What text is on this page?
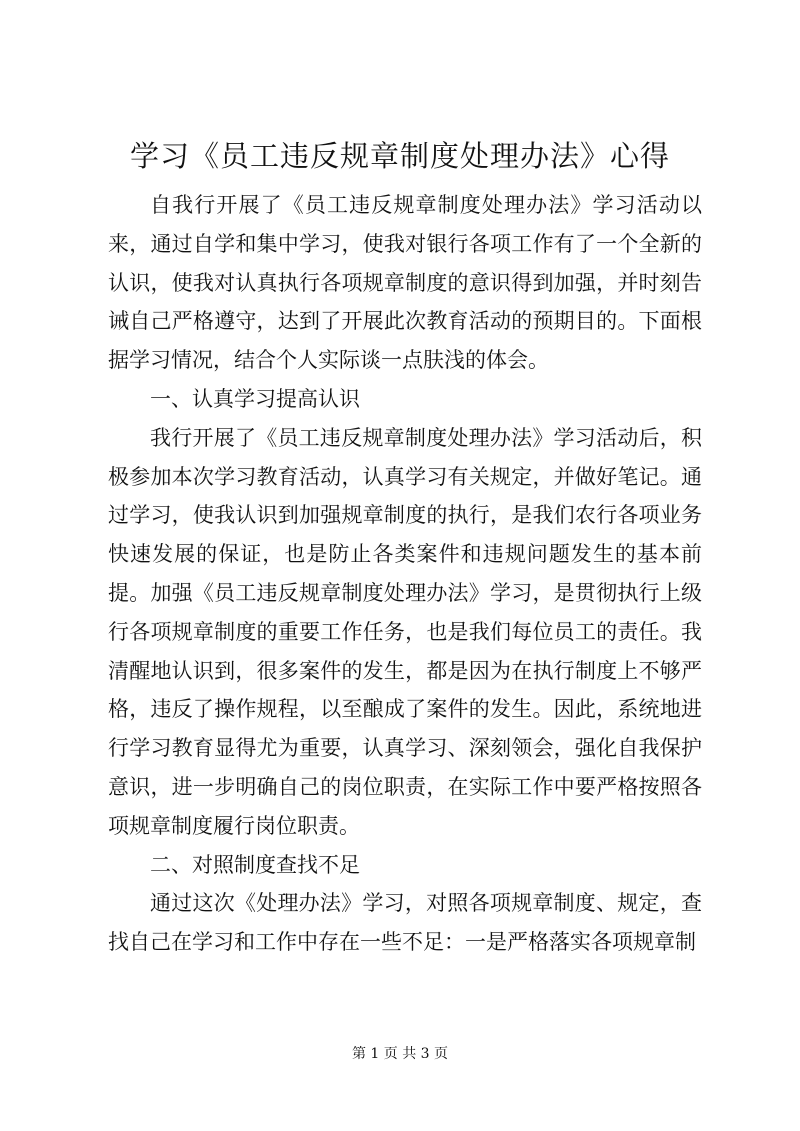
学习《员工违反规章制度处理办法》心得

自我行开展了《员工违反规章制度处理办法》学习活动以来，通过自学和集中学习，使我对银行各项工作有了一个全新的认识，使我对认真执行各项规章制度的意识得到加强，并时刻告诫自己严格遵守，达到了开展此次教育活动的预期目的。下面根据学习情况，结合个人实际谈一点肤浅的体会。

一、认真学习提高认识

我行开展了《员工违反规章制度处理办法》学习活动后，积极参加本次学习教育活动，认真学习有关规定，并做好笔记。通过学习，使我认识到加强规章制度的执行，是我们农行各项业务快速发展的保证，也是防止各类案件和违规问题发生的基本前提。加强《员工违反规章制度处理办法》学习，是贯彻执行上级行各项规章制度的重要工作任务，也是我们每位员工的责任。我清醒地认识到，很多案件的发生，都是因为在执行制度上不够严格，违反了操作规程，以至酿成了案件的发生。因此，系统地进行学习教育显得尤为重要，认真学习、深刻领会，强化自我保护意识，进一步明确自己的岗位职责，在实际工作中要严格按照各项规章制度履行岗位职责。

二、对照制度查找不足

通过这次《处理办法》学习，对照各项规章制度、规定，查找自己在学习和工作中存在一些不足：一是严格落实各项规章制

第 1 页 共 3 页
